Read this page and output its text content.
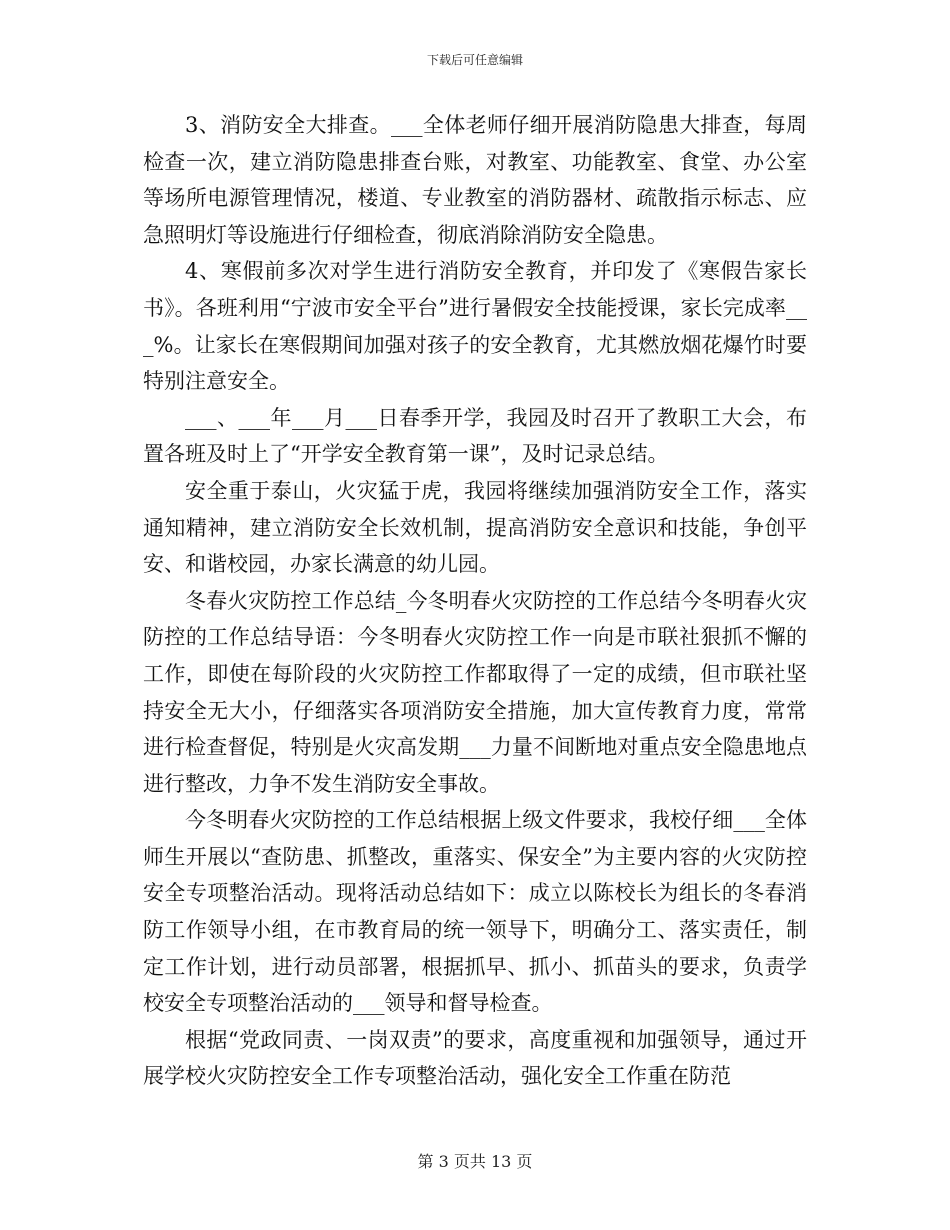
下载后可任意编辑

3、消防安全大排查。___全体老师仔细开展消防隐患大排查，每周检查一次，建立消防隐患排查台账，对教室、功能教室、食堂、办公室等场所电源管理情况，楼道、专业教室的消防器材、疏散指示标志、应急照明灯等设施进行仔细检查，彻底消除消防安全隐患。

4、寒假前多次对学生进行消防安全教育，并印发了《寒假告家长书》。各班利用“宁波市安全平台”进行暑假安全技能授课，家长完成率___%。让家长在寒假期间加强对孩子的安全教育，尤其燃放烟花爆竹时要特别注意安全。

___、___年___月___日春季开学，我园及时召开了教职工大会，布置各班及时上了“开学安全教育第一课”，及时记录总结。

安全重于泰山，火灾猛于虎，我园将继续加强消防安全工作，落实通知精神，建立消防安全长效机制，提高消防安全意识和技能，争创平安、和谐校园，办家长满意的幼儿园。

冬春火灾防控工作总结_今冬明春火灾防控的工作总结今冬明春火灾防控的工作总结导语：今冬明春火灾防控工作一向是市联社狠抓不懈的工作，即使在每阶段的火灾防控工作都取得了一定的成绩，但市联社坚持安全无大小，仔细落实各项消防安全措施，加大宣传教育力度，常常进行检查督促，特别是火灾高发期___力量不间断地对重点安全隐患地点进行整改，力争不发生消防安全事故。

今冬明春火灾防控的工作总结根据上级文件要求，我校仔细___全体师生开展以“查防患、抓整改，重落实、保安全”为主要内容的火灾防控安全专项整治活动。现将活动总结如下：成立以陈校长为组长的冬春消防工作领导小组，在市教育局的统一领导下，明确分工、落实责任，制定工作计划，进行动员部署，根据抓早、抓小、抓苗头的要求，负责学校安全专项整治活动的___领导和督导检查。

根据“党政同责、一岗双责”的要求，高度重视和加强领导，通过开展学校火灾防控安全工作专项整治活动，强化安全工作重在防范

第 3 页共 13 页
